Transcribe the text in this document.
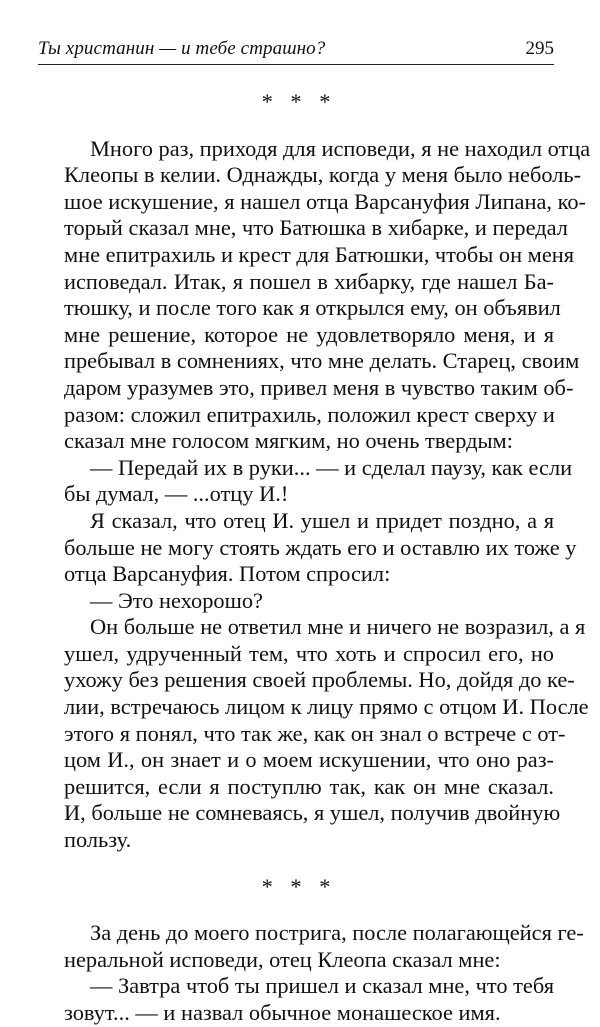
Ты христанин — и тебе страшно?	295
* * *

Много раз, приходя для исповеди, я не находил отца
Клеопы в келии. Однажды, когда у меня было неболь-
шое искушение, я нашел отца Варсануфия Липана, ко-
торый сказал мне, что Батюшка в хибарке, и передал
мне епитрахиль и крест для Батюшки, чтобы он меня
исповедал. Итак, я пошел в хибарку, где нашел Ба-
тюшку, и после того как я открылся ему, он объявил
мне решение, которое не удовлетворяло меня, и я
пребывал в сомнениях, что мне делать. Старец, своим
даром уразумев это, привел меня в чувство таким об-
разом: сложил епитрахиль, положил крест сверху и
сказал мне голосом мягким, но очень твердым:

— Передай их в руки... — и сделал паузу, как если
бы думал, — ...отцу И.!

Я сказал, что отец И. ушел и придет поздно, а я
больше не могу стоять ждать его и оставлю их тоже у
отца Варсануфия. Потом спросил:

— Это нехорошо?

Он больше не ответил мне и ничего не возразил, а я
ушел, удрученный тем, что хоть и спросил его, но
ухожу без решения своей проблемы. Но, дойдя до ке-
лии, встречаюсь лицом к лицу прямо с отцом И. После
этого я понял, что так же, как он знал о встрече с от-
цом И., он знает и о моем искушении, что оно раз-
решится, если я поступлю так, как он мне сказал.
И, больше не сомневаясь, я ушел, получив двойную
пользу.

* * *

За день до моего пострига, после полагающейся ге-
неральной исповеди, отец Клеопа сказал мне:

— Завтра чтоб ты пришел и сказал мне, что тебя
зовут... — и назвал обычное монашеское имя.
